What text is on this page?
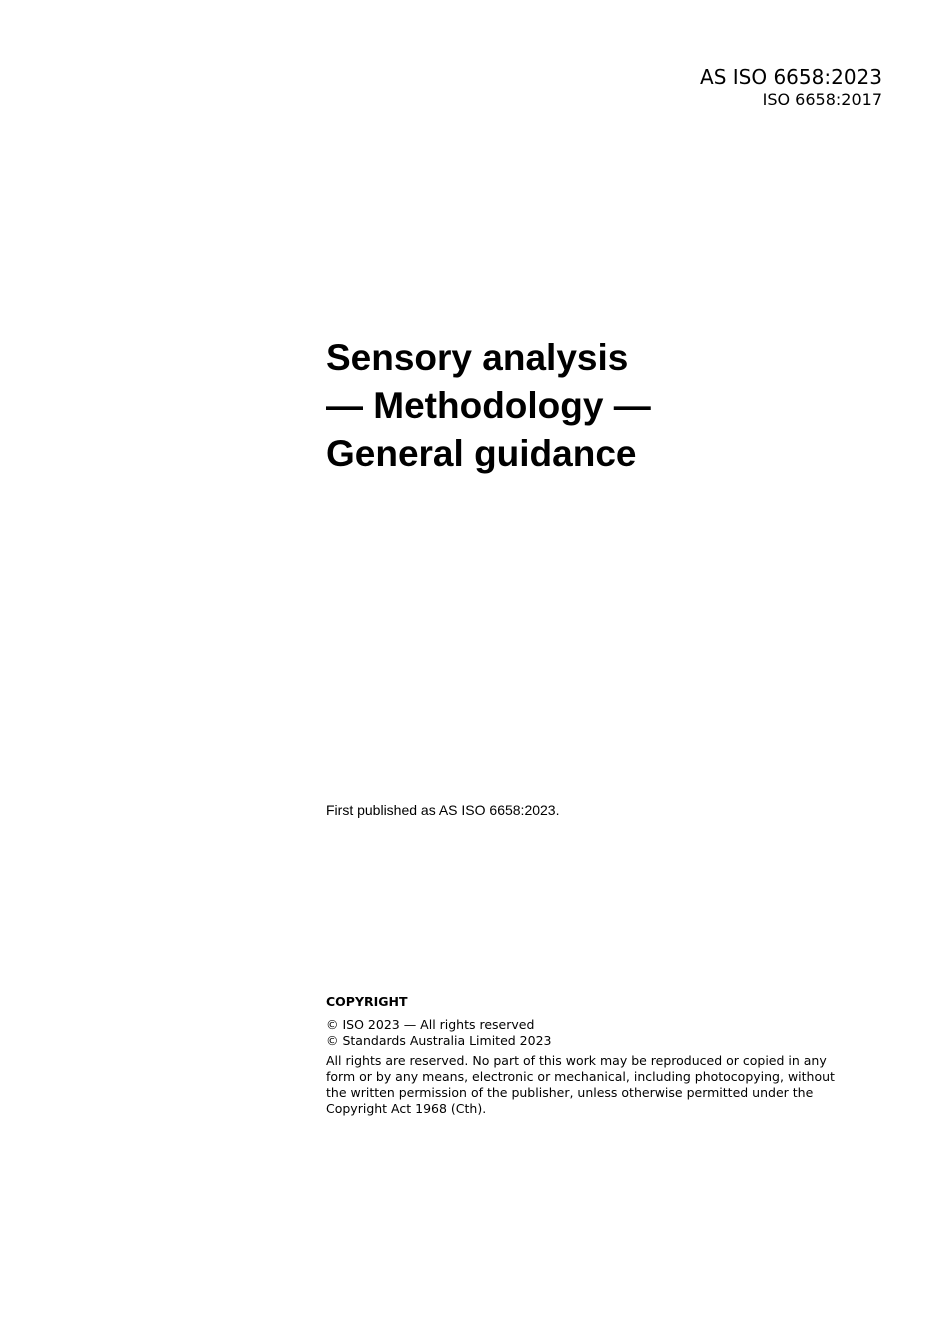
AS ISO 6658:2023

ISO 6658:2017

Sensory analysis
— Methodology —
General guidance

First published as AS ISO 6658:2023.

COPYRIGHT

© ISO 2023 — All rights reserved

© Standards Australia Limited 2023

All rights are reserved. No part of this work may be reproduced or copied in any form or by any means, electronic or mechanical, including photocopying, without the written permission of the publisher, unless otherwise permitted under the Copyright Act 1968 (Cth).
